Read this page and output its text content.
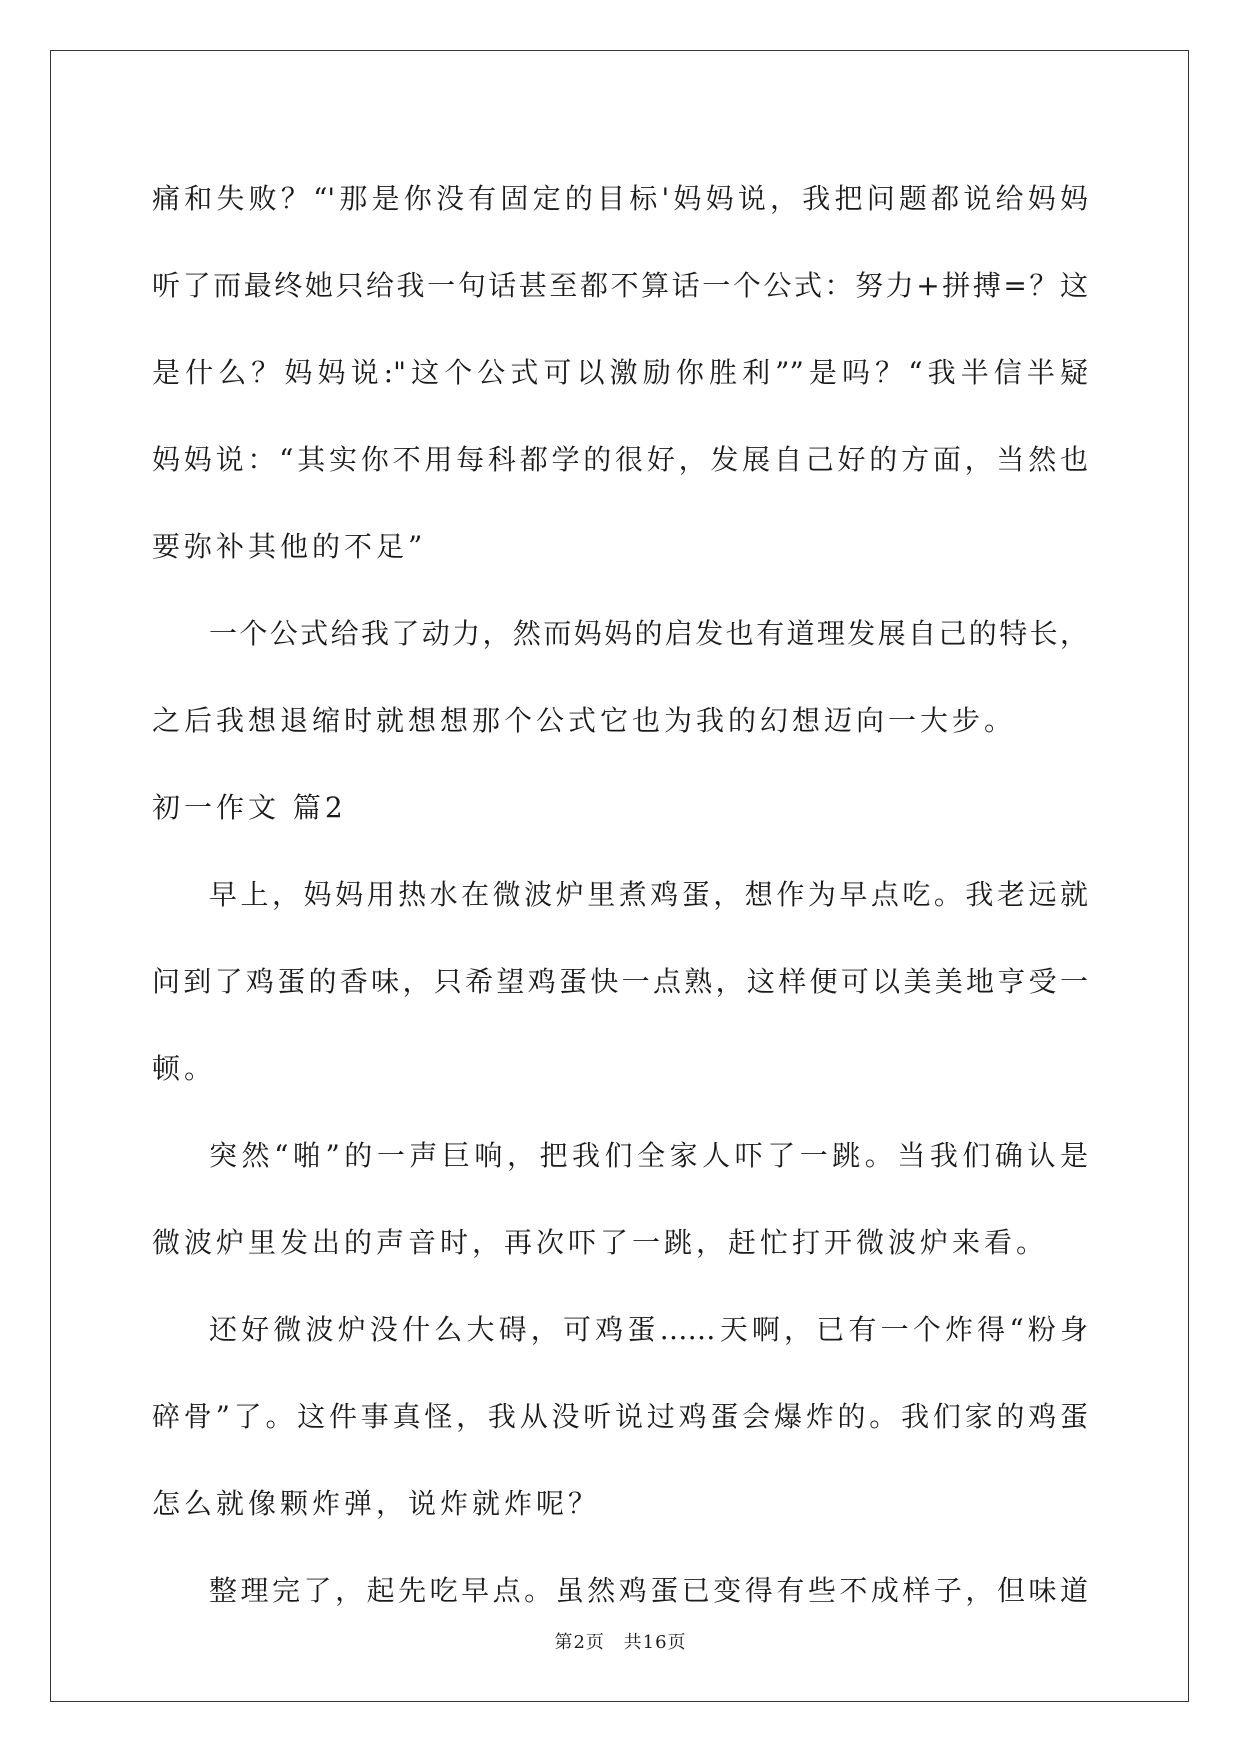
痛和失败？“'那是你没有固定的目标'妈妈说，我把问题都说给妈妈
听了而最终她只给我一句话甚至都不算话一个公式：努力+拼搏=？这
是什么？妈妈说:"这个公式可以激励你胜利””是吗？“我半信半疑
妈妈说：“其实你不用每科都学的很好，发展自己好的方面，当然也
要弥补其他的不足”
一个公式给我了动力，然而妈妈的启发也有道理发展自己的特长，
之后我想退缩时就想想那个公式它也为我的幻想迈向一大步。
初一作文 篇2
早上，妈妈用热水在微波炉里煮鸡蛋，想作为早点吃。我老远就
问到了鸡蛋的香味，只希望鸡蛋快一点熟，这样便可以美美地亨受一
顿。
突然“啪”的一声巨响，把我们全家人吓了一跳。当我们确认是
微波炉里发出的声音时，再次吓了一跳，赶忙打开微波炉来看。
还好微波炉没什么大碍，可鸡蛋……天啊，已有一个炸得“粉身
碎骨”了。这件事真怪，我从没听说过鸡蛋会爆炸的。我们家的鸡蛋
怎么就像颗炸弹，说炸就炸呢？
整理完了，起先吃早点。虽然鸡蛋已变得有些不成样子，但味道
第2页 共16页
